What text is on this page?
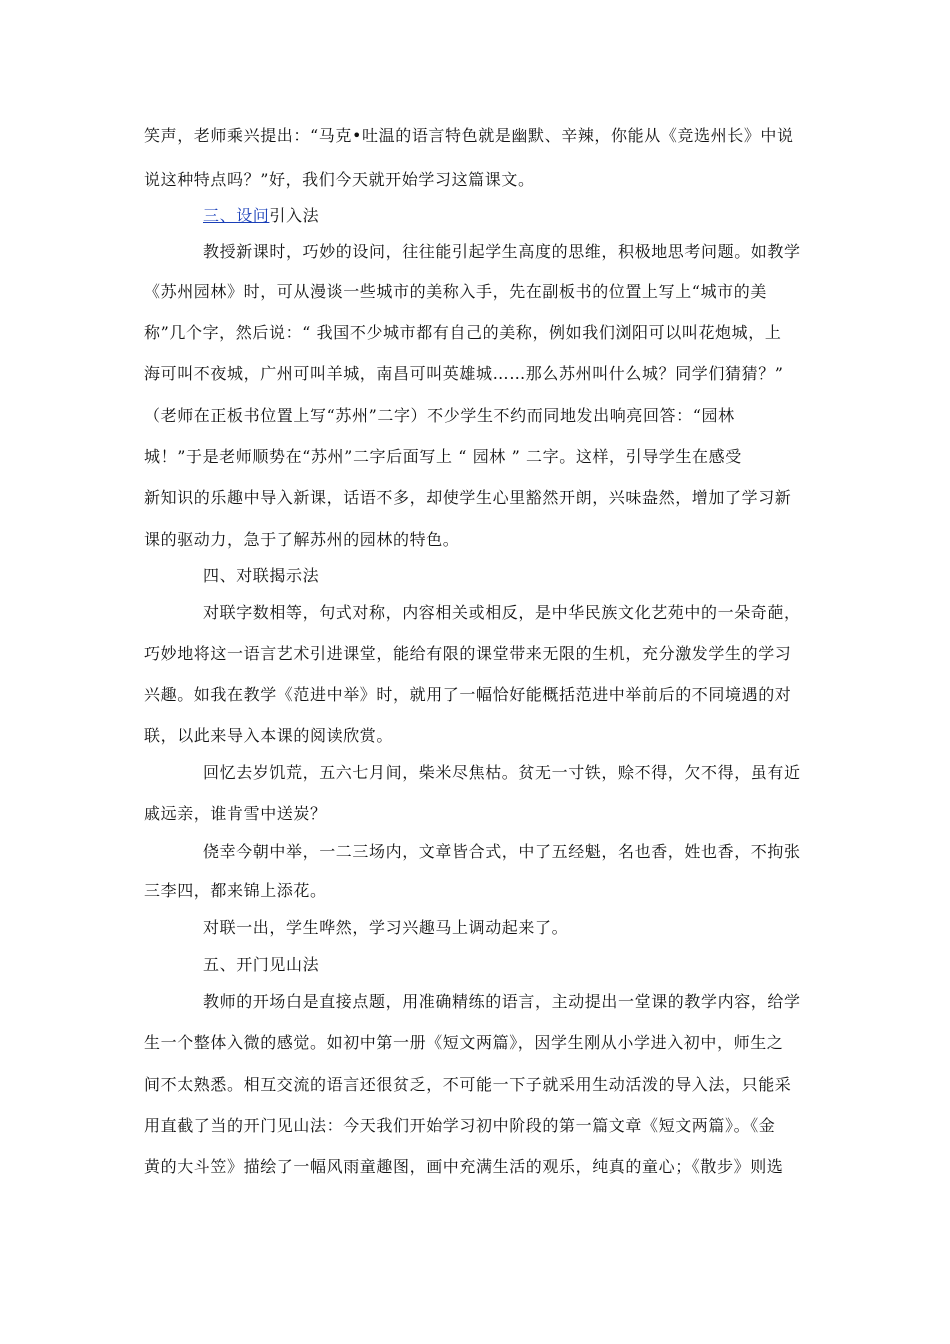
笑声，老师乘兴提出：“马克•吐温的语言特色就是幽默、辛辣，你能从《竞选州长》中说
说这种特点吗？”好，我们今天就开始学习这篇课文。
三、设问引入法
教授新课时，巧妙的设问，往往能引起学生高度的思维，积极地思考问题。如教学
《苏州园林》时，可从漫谈一些城市的美称入手，先在副板书的位置上写上“城市的美
称”几个字，然后说：“ 我国不少城市都有自己的美称，例如我们浏阳可以叫花炮城，上
海可叫不夜城，广州可叫羊城，南昌可叫英雄城……那么苏州叫什么城？同学们猜猜？”
（老师在正板书位置上写“苏州”二字）不少学生不约而同地发出响亮回答：“园林
城！”于是老师顺势在“苏州”二字后面写上 “ 园林 ” 二字。这样，引导学生在感受
新知识的乐趣中导入新课，话语不多，却使学生心里豁然开朗，兴味盎然，增加了学习新
课的驱动力，急于了解苏州的园林的特色。
四、对联揭示法
对联字数相等，句式对称，内容相关或相反，是中华民族文化艺苑中的一朵奇葩，
巧妙地将这一语言艺术引进课堂，能给有限的课堂带来无限的生机，充分激发学生的学习
兴趣。如我在教学《范进中举》时，就用了一幅恰好能概括范进中举前后的不同境遇的对
联，以此来导入本课的阅读欣赏。
回忆去岁饥荒，五六七月间，柴米尽焦枯。贫无一寸铁，赊不得，欠不得，虽有近
戚远亲，谁肯雪中送炭？
侥幸今朝中举，一二三场内，文章皆合式，中了五经魁，名也香，姓也香，不拘张
三李四，都来锦上添花。
对联一出，学生哗然，学习兴趣马上调动起来了。
五、开门见山法
教师的开场白是直接点题，用准确精练的语言，主动提出一堂课的教学内容，给学
生一个整体入微的感觉。如初中第一册《短文两篇》，因学生刚从小学进入初中，师生之
间不太熟悉。相互交流的语言还很贫乏，不可能一下子就采用生动活泼的导入法，只能采
用直截了当的开门见山法：今天我们开始学习初中阶段的第一篇文章《短文两篇》。《金
黄的大斗笠》描绘了一幅风雨童趣图，画中充满生活的观乐，纯真的童心；《散步》则选
